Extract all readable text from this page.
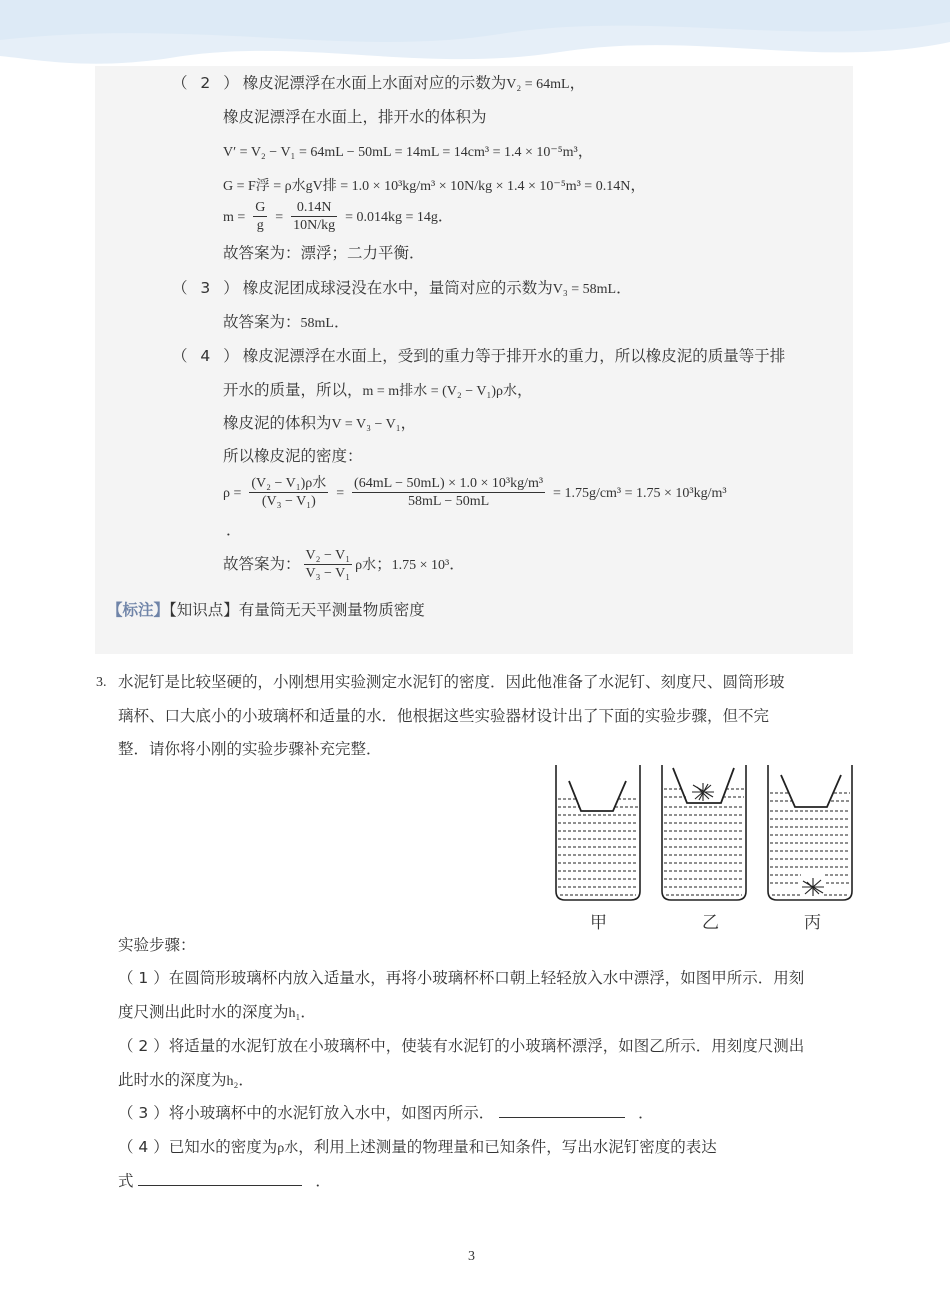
（ 2 ）橡皮泥漂浮在水面上水面对应的示数为V₂ = 64mL，
橡皮泥漂浮在水面上，排开水的体积为
V′ = V₂ − V₁ = 64mL − 50mL = 14mL = 14cm³ = 1.4 × 10⁻⁵m³，
G = F浮 = ρ水gV排 = 1.0 × 10³kg/m³ × 10N/kg × 1.4 × 10⁻⁵m³ = 0.14N，
$m = \frac{G}{g} = \frac{0.14N}{10N/kg} = 0.014kg = 14g$．
故答案为：漂浮；二力平衡．
（ 3 ）橡皮泥团成球浸没在水中，量筒对应的示数为V₃ = 58mL．
故答案为：58mL．
（ 4 ）橡皮泥漂浮在水面上，受到的重力等于排开水的重力，所以橡皮泥的质量等于排
开水的质量，所以，m = m排水 = (V₂ − V₁)ρ水，
橡皮泥的体积为V = V₃ − V₁，
所以橡皮泥的密度：
$\rho = \frac{\text{(V₂ − V₁)ρ水}}{\text{(V₃ − V₁)}} = \frac{\text{(64mL − 50mL) × 1.0 × 10³kg/m³}}{58mL - 50mL} = 1.75g/cm^3 = 1.75 \times 10^3kg/m^3$
．
故答案为： $\frac{\text{V₂ − V₁}}{\text{V₃ − V₁}}$ ρ水；1.75 × 10³．
【标注】【知识点】有量筒无天平测量物质密度
3. 水泥钉是比较坚硬的，小刚想用实验测定水泥钉的密度．因此他准备了水泥钉、刻度尺、圆筒形玻
璃杯、口大底小的小玻璃杯和适量的水．他根据这些实验器材设计出了下面的实验步骤，但不完
整．请你将小刚的实验步骤补充完整．
甲	乙	丙
实验步骤：
（ 1 ）在圆筒形玻璃杯内放入适量水，再将小玻璃杯杯口朝上轻轻放入水中漂浮，如图甲所示．用刻
度尺测出此时水的深度为h₁．
（ 2 ）将适量的水泥钉放在小玻璃杯中，使装有水泥钉的小玻璃杯漂浮，如图乙所示．用刻度尺测出
此时水的深度为h₂．
（ 3 ）将小玻璃杯中的水泥钉放入水中，如图丙所示．	．
（ 4 ）已知水的密度为ρ水，利用上述测量的物理量和已知条件，写出水泥钉密度的表达
式	．
3
